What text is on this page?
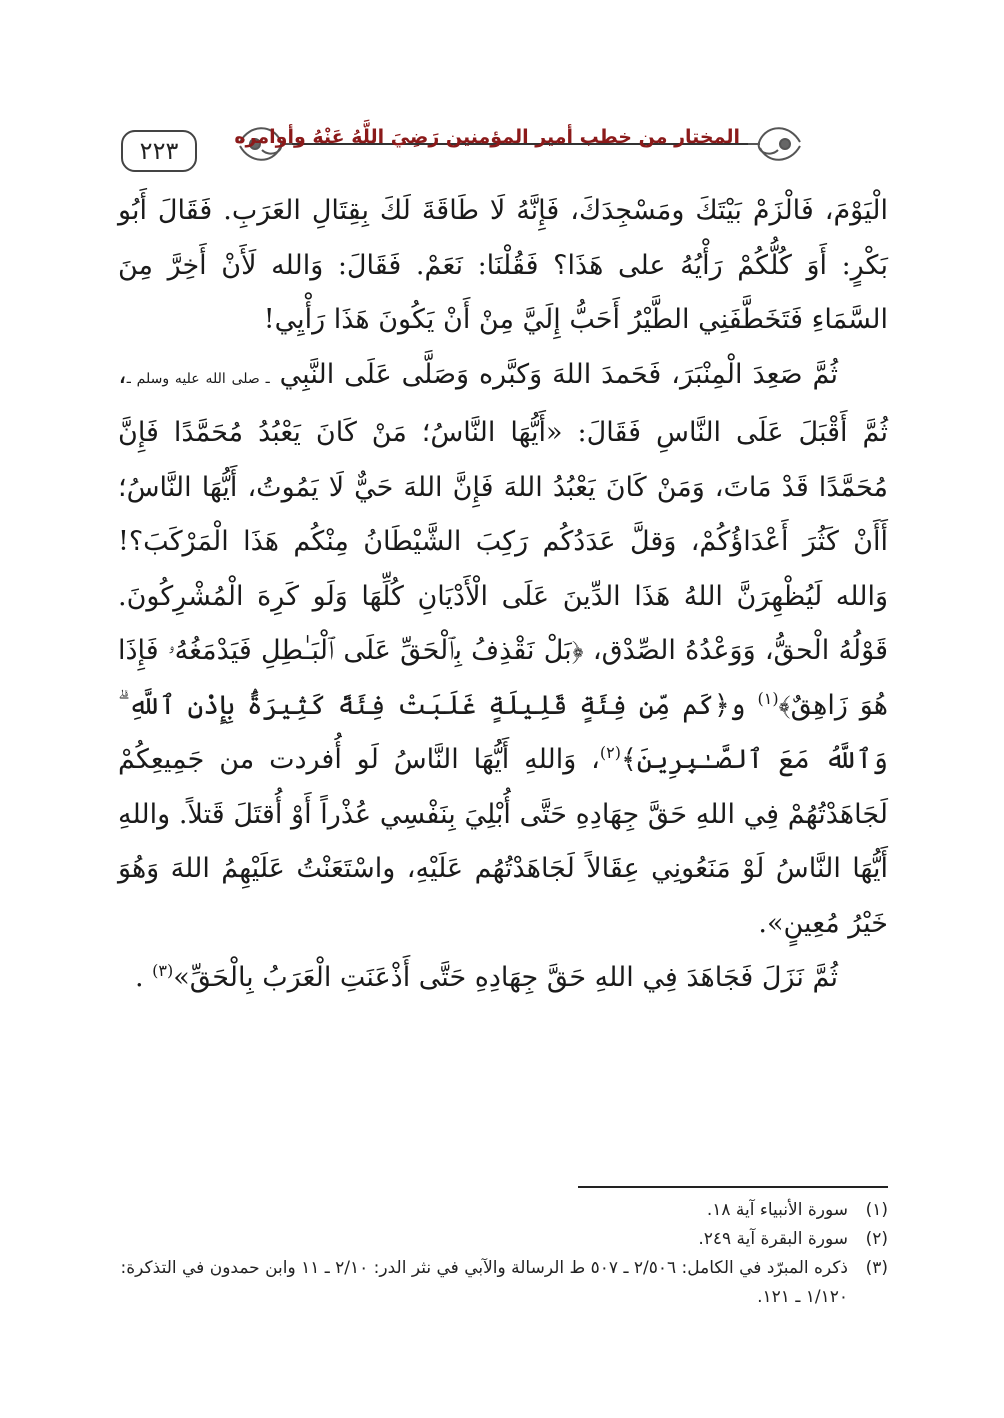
٢٢٣	المختار من خطب أمير المؤمنين رَضِيَ اللَّهُ عَنْهُ وأوامره

الْيَوْمَ، فَالْزَمْ بَيْتَكَ ومَسْجِدَكَ، فَإِنَّهُ لَا طَاقَةَ لَكَ بِقِتَالِ العَرَبِ. فَقَالَ أَبُو بَكْرٍ: أَوَ كُلُّكُمْ رَأْيُهُ على هَذَا؟ فَقُلْنَا: نَعَمْ. فَقَالَ: وَالله لَأَنْ أَخِرَّ مِنَ السَّمَاءِ فَتَخَطَّفَنِي الطَّيْرُ أَحَبُّ إِلَيَّ مِنْ أَنْ يَكُونَ هَذَا رَأْيِي!

ثُمَّ صَعِدَ الْمِنْبَرَ، فَحَمدَ اللهَ وَكبَّره وَصَلَّى عَلَى النَّبِي ـ صلى الله عليه وسلم ـ، ثُمَّ أَقْبَلَ عَلَى النَّاسِ فَقَالَ: «أَيُّهَا النَّاسُ؛ مَنْ كَانَ يَعْبُدُ مُحَمَّدًا فَإِنَّ مُحَمَّدًا قَدْ مَاتَ، وَمَنْ كَانَ يَعْبُدُ اللهَ فَإِنَّ اللهَ حَيٌّ لَا يَمُوتُ، أَيُّهَا النَّاسُ؛ أَأَنْ كَثُرَ أَعْدَاؤُكُمْ، وَقلَّ عَدَدُكُم رَكِبَ الشَّيْطَانُ مِنْكُم هَذَا الْمَرْكَبَ؟! وَالله لَيُظْهِرَنَّ اللهُ هَذَا الدِّينَ عَلَى الْأَدْيَانِ كُلِّهَا وَلَو كَرِهَ الْمُشْرِكُونَ. قَوْلُهُ الْحقُّ، وَوَعْدُهُ الصِّدْق، ﴿بَلْ نَقْذِفُ بِٱلْحَقِّ عَلَى ٱلْبَـٰطِلِ فَيَدْمَغُهُۥ فَإِذَا هُوَ زَاهِقٌ﴾$^{(١)}$ و﴿كَم مِّن فِئَةٍ قَلِيلَةٍ غَلَبَتْ فِئَةً كَثِيرَةًۢ بِإِذْنِ ٱللَّهِ ۗ وَٱللَّهُ مَعَ ٱلصَّـٰبِرِينَ﴾$^{(٢)}$، وَاللهِ أَيُّهَا النَّاسُ لَو أُفردت من جَمِيعِكُمْ لَجَاهَدْتُهُمْ فِي اللهِ حَقَّ جِهَادِهِ حَتَّى أُبْلِيَ بِنَفْسِي عُذْراً أَوْ أُقتَلَ قَتلاً. واللهِ أَيُّهَا النَّاسُ لَوْ مَنَعُونِي عِقَالاً لَجَاهَدْتُهُم عَلَيْهِ، واسْتَعَنْتُ عَلَيْهِمُ اللهَ وَهُوَ خَيْرُ مُعِينٍ».

ثُمَّ نَزَلَ فَجَاهَدَ فِي اللهِ حَقَّ جِهَادِهِ حَتَّى أَذْعَنَتِ الْعَرَبُ بِالْحَقِّ»$^{(٣)}$ .

(١)
سورة الأنبياء آية ١٨.
(٢)
سورة البقرة آية ٢٤٩.
(٣)
ذكره المبرّد في الكامل: ٢/٥٠٦ ـ ٥٠٧ ط الرسالة والآبي في نثر الدر: ٢/١٠ ـ ١١ وابن حمدون في التذكرة: ١/١٢٠ ـ ١٢١.
